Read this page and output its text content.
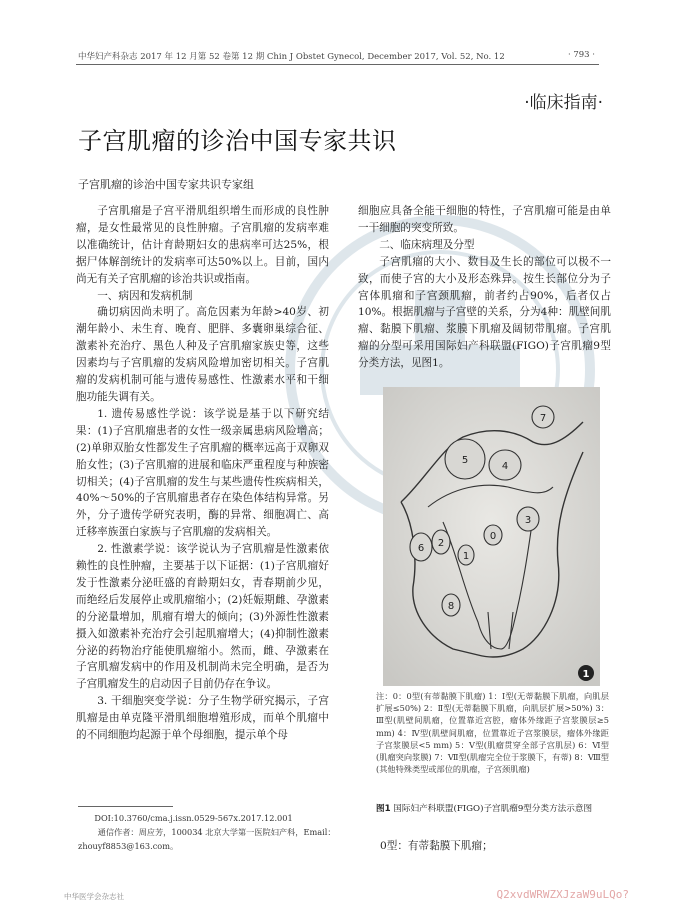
中华妇产科杂志 2017 年 12 月第 52 卷第 12 期 Chin J Obstet Gynecol, December 2017, Vol. 52, No. 12	· 793 ·
·临床指南·
子宫肌瘤的诊治中国专家共识
子宫肌瘤的诊治中国专家共识专家组

子宫肌瘤是子宫平滑肌组织增生而形成的良性肿瘤，是女性最常见的良性肿瘤。子宫肌瘤的发病率难以准确统计，估计育龄期妇女的患病率可达25%，根据尸体解剖统计的发病率可达50%以上。目前，国内尚无有关子宫肌瘤的诊治共识或指南。

一、病因和发病机制

确切病因尚未明了。高危因素为年龄>40岁、初潮年龄小、未生育、晚育、肥胖、多囊卵巢综合征、激素补充治疗、黑色人种及子宫肌瘤家族史等，这些因素均与子宫肌瘤的发病风险增加密切相关。子宫肌瘤的发病机制可能与遗传易感性、性激素水平和干细胞功能失调有关。

1. 遗传易感性学说：该学说是基于以下研究结果：(1)子宫肌瘤患者的女性一级亲属患病风险增高；(2)单卵双胎女性都发生子宫肌瘤的概率远高于双卵双胎女性；(3)子宫肌瘤的进展和临床严重程度与种族密切相关；(4)子宫肌瘤的发生与某些遗传性疾病相关，40%～50%的子宫肌瘤患者存在染色体结构异常。另外，分子遗传学研究表明，酶的异常、细胞凋亡、高迁移率族蛋白家族与子宫肌瘤的发病相关。

2. 性激素学说：该学说认为子宫肌瘤是性激素依赖性的良性肿瘤，主要基于以下证据：(1)子宫肌瘤好发于性激素分泌旺盛的育龄期妇女，青春期前少见，而绝经后发展停止或肌瘤缩小；(2)妊娠期雌、孕激素的分泌量增加，肌瘤有增大的倾向；(3)外源性性激素摄入如激素补充治疗会引起肌瘤增大；(4)抑制性激素分泌的药物治疗能使肌瘤缩小。然而，雌、孕激素在子宫肌瘤发病中的作用及机制尚未完全明确，是否为子宫肌瘤发生的启动因子目前仍存在争议。

3. 干细胞突变学说：分子生物学研究揭示，子宫肌瘤是由单克隆平滑肌细胞增殖形成，而单个肌瘤中的不同细胞均起源于单个母细胞，提示单个母

细胞应具备全能干细胞的特性，子宫肌瘤可能是由单一干细胞的突变所致。

二、临床病理及分型

子宫肌瘤的大小、数目及生长的部位可以极不一致，而使子宫的大小及形态殊异。按生长部位分为子宫体肌瘤和子宫颈肌瘤，前者约占90%，后者仅占10%。根据肌瘤与子宫壁的关系，分为4种：肌壁间肌瘤、黏膜下肌瘤、浆膜下肌瘤及阔韧带肌瘤。子宫肌瘤的分型可采用国际妇产科联盟(FIGO)子宫肌瘤9型分类方法，见图1。

5
4
7
6 2
1
0
3
8
1
注：0：0型(有蒂黏膜下肌瘤) 1：Ⅰ型(无蒂黏膜下肌瘤，向肌层扩展≤50%) 2：Ⅱ型(无蒂黏膜下肌瘤，向肌层扩展>50%) 3：Ⅲ型(肌壁间肌瘤，位置靠近宫腔，瘤体外缘距子宫浆膜层≥5 mm) 4：Ⅳ型(肌壁间肌瘤，位置靠近子宫浆膜层，瘤体外缘距子宫浆膜层<5 mm) 5：Ⅴ型(肌瘤贯穿全部子宫肌层) 6：Ⅵ型(肌瘤突向浆膜) 7：Ⅶ型(肌瘤完全位于浆膜下，有蒂) 8：Ⅷ型(其他特殊类型或部位的肌瘤，子宫颈肌瘤)
图1 国际妇产科联盟(FIGO)子宫肌瘤9型分类方法示意图
0型：有蒂黏膜下肌瘤；

DOI:10.3760/cma.j.issn.0529-567x.2017.12.001

通信作者：周应芳，100034 北京大学第一医院妇产科，Email：zhouyf8853@163.com。

中华医学会杂志社	Q2xvdWRWZXJzaW9uLQo?
